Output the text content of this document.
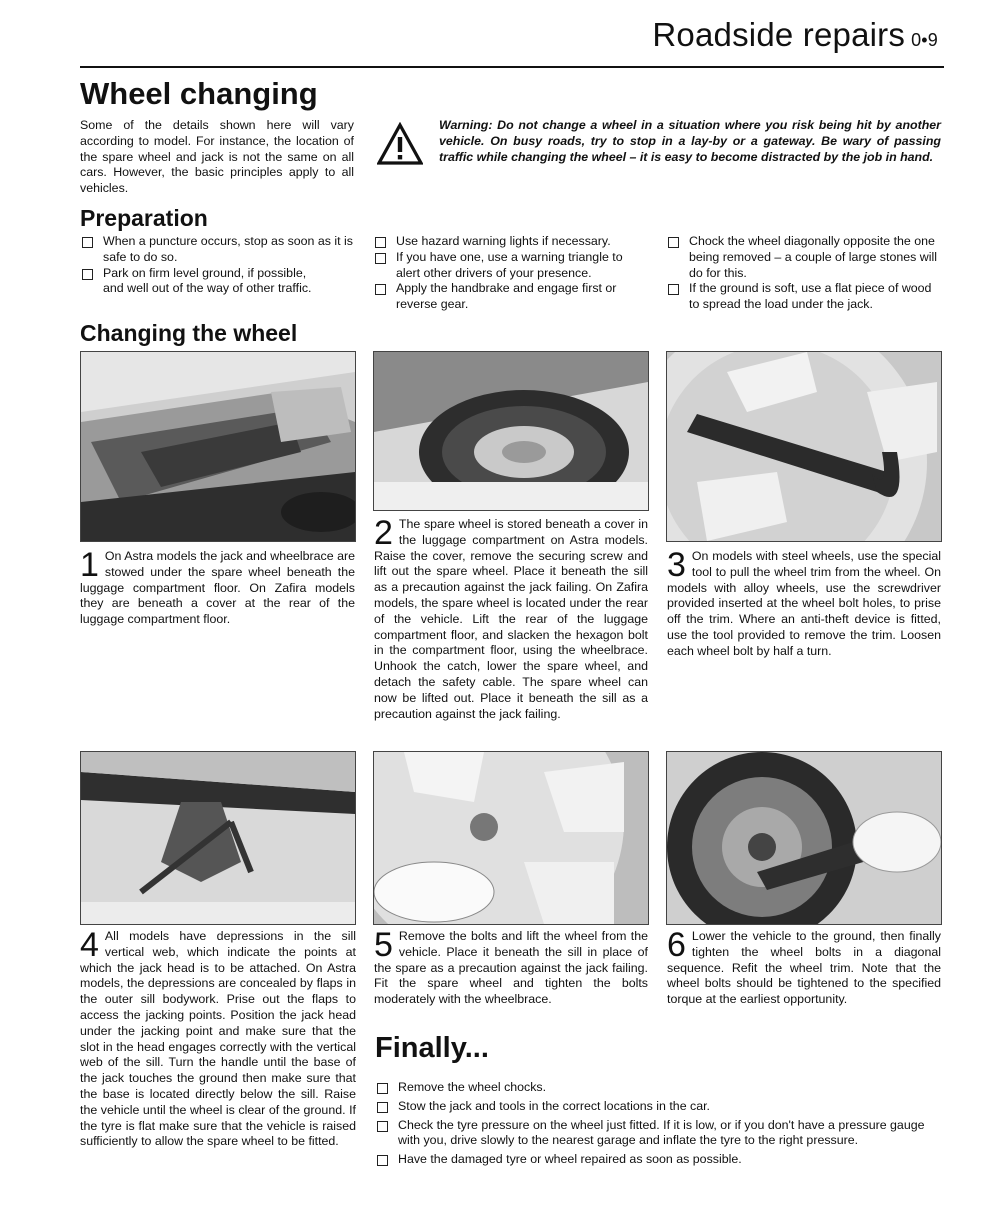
Roadside repairs 0•9
Wheel changing
Some of the details shown here will vary according to model. For instance, the location of the spare wheel and jack is not the same on all cars. However, the basic principles apply to all vehicles.
Warning: Do not change a wheel in a situation where you risk being hit by another vehicle. On busy roads, try to stop in a lay-by or a gateway. Be wary of passing traffic while changing the wheel – it is easy to become distracted by the job in hand.
Preparation
When a puncture occurs, stop as soon as it is safe to do so.
Park on firm level ground, if possible, and well out of the way of other traffic.
Use hazard warning lights if necessary.
If you have one, use a warning triangle to alert other drivers of your presence.
Apply the handbrake and engage first or reverse gear.
Chock the wheel diagonally opposite the one being removed – a couple of large stones will do for this.
If the ground is soft, use a flat piece of wood to spread the load under the jack.
Changing the wheel
1 On Astra models the jack and wheelbrace are stowed under the spare wheel beneath the luggage compartment floor. On Zafira models they are beneath a cover at the rear of the luggage compartment floor.
2 The spare wheel is stored beneath a cover in the luggage compartment on Astra models. Raise the cover, remove the securing screw and lift out the spare wheel. Place it beneath the sill as a precaution against the jack failing. On Zafira models, the spare wheel is located under the rear of the vehicle. Lift the rear of the luggage compartment floor, and slacken the hexagon bolt in the compartment floor, using the wheelbrace. Unhook the catch, lower the spare wheel, and detach the safety cable. The spare wheel can now be lifted out. Place it beneath the sill as a precaution against the jack failing.
3 On models with steel wheels, use the special tool to pull the wheel trim from the wheel. On models with alloy wheels, use the screwdriver provided inserted at the wheel bolt holes, to prise off the trim. Where an anti-theft device is fitted, use the tool provided to remove the trim. Loosen each wheel bolt by half a turn.
4 All models have depressions in the sill vertical web, which indicate the points at which the jack head is to be attached. On Astra models, the depressions are concealed by flaps in the outer sill bodywork. Prise out the flaps to access the jacking points. Position the jack head under the jacking point and make sure that the slot in the head engages correctly with the vertical web of the sill. Turn the handle until the base of the jack touches the ground then make sure that the base is located directly below the sill. Raise the vehicle until the wheel is clear of the ground. If the tyre is flat make sure that the vehicle is raised sufficiently to allow the spare wheel to be fitted.
5 Remove the bolts and lift the wheel from the vehicle. Place it beneath the sill in place of the spare as a precaution against the jack failing. Fit the spare wheel and tighten the bolts moderately with the wheelbrace.
6 Lower the vehicle to the ground, then finally tighten the wheel bolts in a diagonal sequence. Refit the wheel trim. Note that the wheel bolts should be tightened to the specified torque at the earliest opportunity.
Finally...
Remove the wheel chocks.
Stow the jack and tools in the correct locations in the car.
Check the tyre pressure on the wheel just fitted. If it is low, or if you don't have a pressure gauge with you, drive slowly to the nearest garage and inflate the tyre to the right pressure.
Have the damaged tyre or wheel repaired as soon as possible.
